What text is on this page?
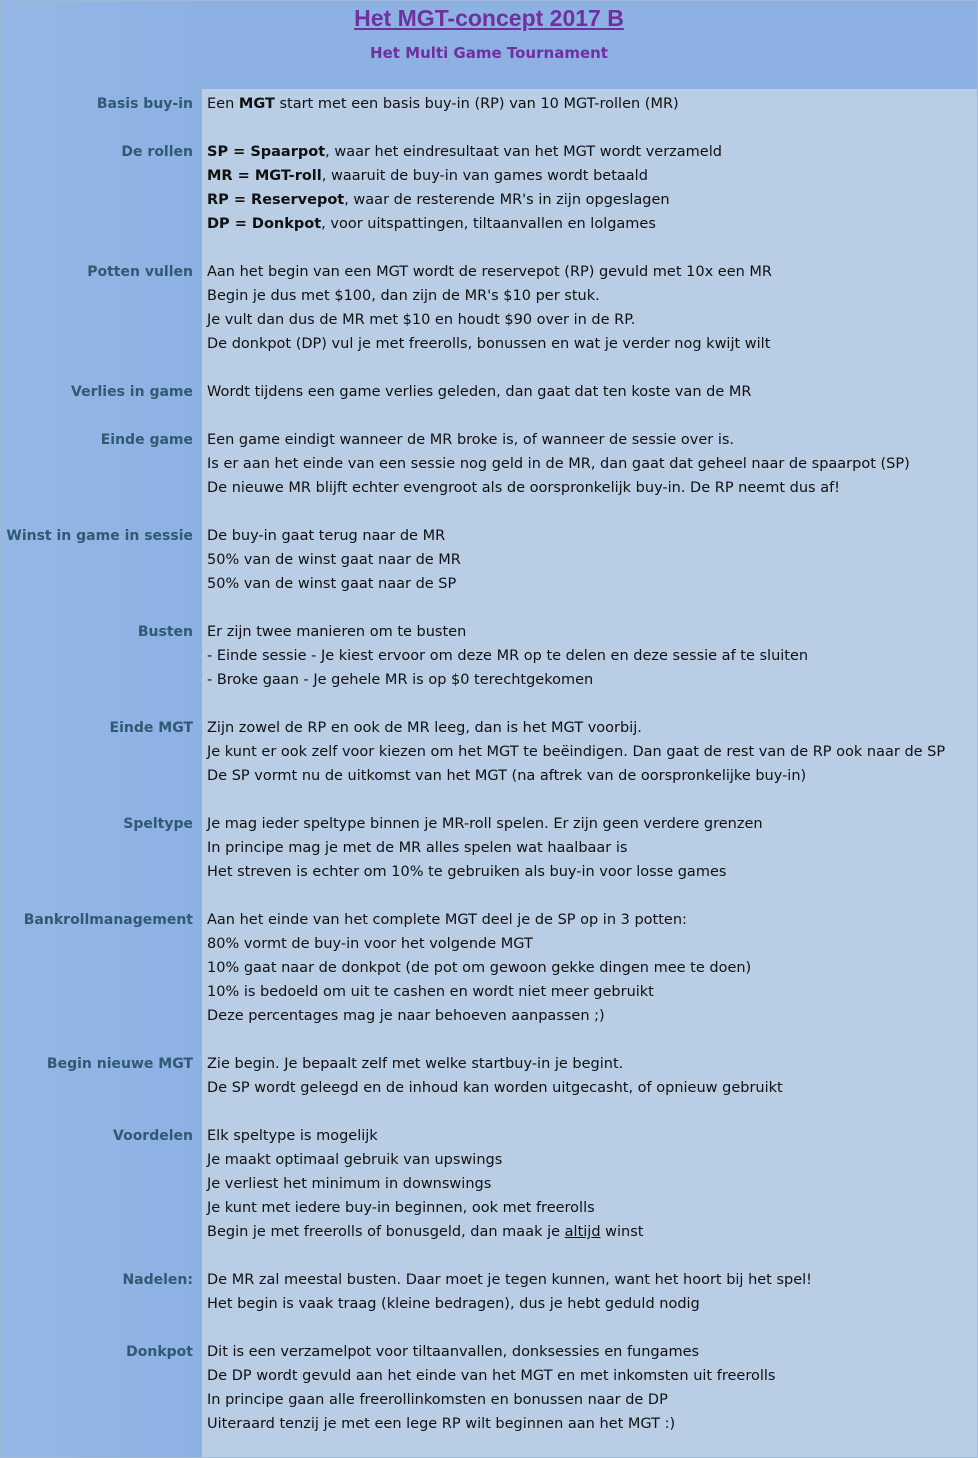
Het MGT-concept 2017 B
Het Multi Game Tournament
Basis buy-in Een MGT start met een basis buy-in (RP) van 10 MGT-rollen (MR)
De rollen SP = Spaarpot, waar het eindresultaat van het MGT wordt verzameld
MR = MGT-roll, waaruit de buy-in van games wordt betaald
RP = Reservepot, waar de resterende MR's in zijn opgeslagen
DP = Donkpot, voor uitspattingen, tiltaanvallen en lolgames
Potten vullen Aan het begin van een MGT wordt de reservepot (RP) gevuld met 10x een MR
Begin je dus met $100, dan zijn de MR's $10 per stuk.
Je vult dan dus de MR met $10 en houdt $90 over in de RP.
De donkpot (DP) vul je met freerolls, bonussen en wat je verder nog kwijt wilt
Verlies in game Wordt tijdens een game verlies geleden, dan gaat dat ten koste van de MR
Einde game Een game eindigt wanneer de MR broke is, of wanneer de sessie over is.
Is er aan het einde van een sessie nog geld in de MR, dan gaat dat geheel naar de spaarpot (SP)
De nieuwe MR blijft echter evengroot als de oorspronkelijk buy-in. De RP neemt dus af!
Winst in game in sessie De buy-in gaat terug naar de MR
50% van de winst gaat naar de MR
50% van de winst gaat naar de SP
Busten Er zijn twee manieren om te busten
- Einde sessie - Je kiest ervoor om deze MR op te delen en deze sessie af te sluiten
- Broke gaan - Je gehele MR is op $0 terechtgekomen
Einde MGT Zijn zowel de RP en ook de MR leeg, dan is het MGT voorbij.
Je kunt er ook zelf voor kiezen om het MGT te beëindigen. Dan gaat de rest van de RP ook naar de SP
De SP vormt nu de uitkomst van het MGT (na aftrek van de oorspronkelijke buy-in)
Speltype Je mag ieder speltype binnen je MR-roll spelen. Er zijn geen verdere grenzen
In principe mag je met de MR alles spelen wat haalbaar is
Het streven is echter om 10% te gebruiken als buy-in voor losse games
Bankrollmanagement Aan het einde van het complete MGT deel je de SP op in 3 potten:
80% vormt de buy-in voor het volgende MGT
10% gaat naar de donkpot (de pot om gewoon gekke dingen mee te doen)
10% is bedoeld om uit te cashen en wordt niet meer gebruikt
Deze percentages mag je naar behoeven aanpassen ;)
Begin nieuwe MGT Zie begin. Je bepaalt zelf met welke startbuy-in je begint.
De SP wordt geleegd en de inhoud kan worden uitgecasht, of opnieuw gebruikt
Voordelen Elk speltype is mogelijk
Je maakt optimaal gebruik van upswings
Je verliest het minimum in downswings
Je kunt met iedere buy-in beginnen, ook met freerolls
Begin je met freerolls of bonusgeld, dan maak je altijd winst
Nadelen: De MR zal meestal busten. Daar moet je tegen kunnen, want het hoort bij het spel!
Het begin is vaak traag (kleine bedragen), dus je hebt geduld nodig
Donkpot Dit is een verzamelpot voor tiltaanvallen, donksessies en fungames
De DP wordt gevuld aan het einde van het MGT en met inkomsten uit freerolls
In principe gaan alle freerollinkomsten en bonussen naar de DP
Uiteraard tenzij je met een lege RP wilt beginnen aan het MGT :)
